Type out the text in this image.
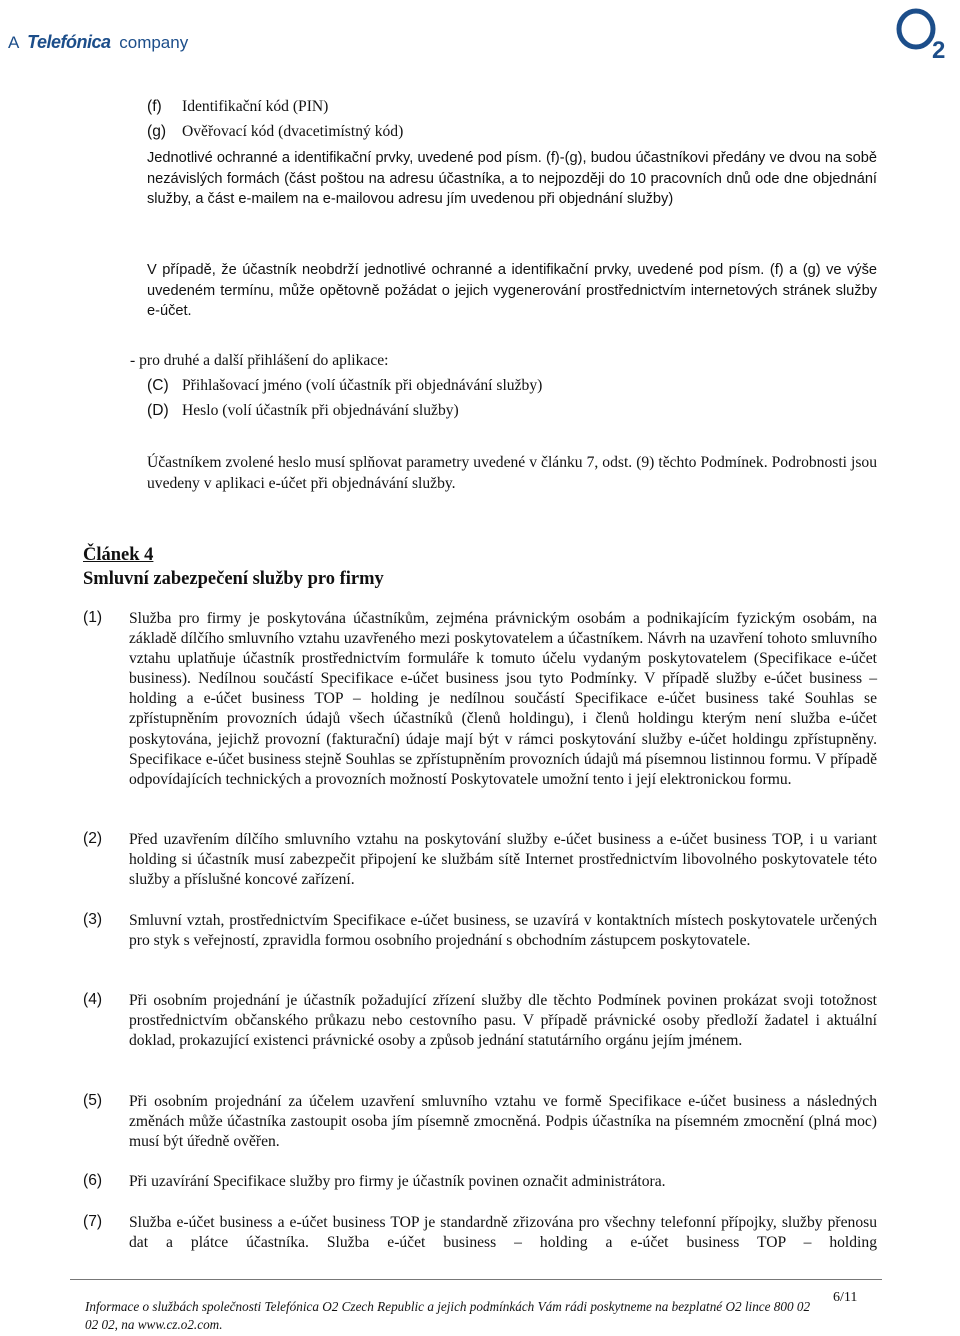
A Telefónica company	2
(f) Identifikační kód (PIN)
(g) Ověřovací kód (dvacetimístný kód)
Jednotlivé ochranné a identifikační prvky, uvedené pod písm. (f)-(g), budou účastníkovi předány ve dvou na sobě nezávislých formách (část poštou na adresu účastníka, a to nejpozději do 10 pracovních dnů ode dne objednání služby, a část e-mailem na e-mailovou adresu jím uvedenou při objednání služby)
V případě, že účastník neobdrží jednotlivé ochranné a identifikační prvky, uvedené pod písm. (f) a (g) ve výše uvedeném termínu, může opětovně požádat o jejich vygenerování prostřednictvím internetových stránek služby e-účet.
- pro druhé a další přihlášení do aplikace:
(C) Přihlašovací jméno (volí účastník při objednávání služby)
(D) Heslo (volí účastník při objednávání služby)
Účastníkem zvolené heslo musí splňovat parametry uvedené v článku 7, odst. (9) těchto Podmínek. Podrobnosti jsou uvedeny v aplikaci e-účet při objednávání služby.
Článek 4
Smluvní zabezpečení služby pro firmy
(1) Služba pro firmy je poskytována účastníkům, zejména právnickým osobám a podnikajícím fyzickým osobám, na základě dílčího smluvního vztahu uzavřeného mezi poskytovatelem a účastníkem. Návrh na uzavření tohoto smluvního vztahu uplatňuje účastník prostřednictvím formuláře k tomuto účelu vydaným poskytovatelem (Specifikace e-účet business). Nedílnou součástí Specifikace e-účet business jsou tyto Podmínky. V případě služby e-účet business – holding a e-účet business TOP – holding je nedílnou součástí Specifikace e-účet business také Souhlas se zpřístupněním provozních údajů všech účastníků (členů holdingu), i členů holdingu kterým není služba e-účet poskytována, jejichž provozní (fakturační) údaje mají být v rámci poskytování služby e-účet holdingu zpřístupněny. Specifikace e-účet business stejně Souhlas se zpřístupněním provozních údajů má písemnou listinnou formu. V případě odpovídajících technických a provozních možností Poskytovatele umožní tento i její elektronickou formu.
(2) Před uzavřením dílčího smluvního vztahu na poskytování služby e-účet business a e-účet business TOP, i u variant holding si účastník musí zabezpečit připojení ke službám sítě Internet prostřednictvím libovolného poskytovatele této služby a příslušné koncové zařízení.
(3) Smluvní vztah, prostřednictvím Specifikace e-účet business, se uzavírá v kontaktních místech poskytovatele určených pro styk s veřejností, zpravidla formou osobního projednání s obchodním zástupcem poskytovatele.
(4) Při osobním projednání je účastník požadující zřízení služby dle těchto Podmínek povinen prokázat svoji totožnost prostřednictvím občanského průkazu nebo cestovního pasu. V případě právnické osoby předloží žadatel i aktuální doklad, prokazující existenci právnické osoby a způsob jednání statutárního orgánu jejím jménem.
(5) Při osobním projednání za účelem uzavření smluvního vztahu ve formě Specifikace e-účet business a následných změnách může účastníka zastoupit osoba jím písemně zmocněná. Podpis účastníka na písemném zmocnění (plná moc) musí být úředně ověřen.
(6) Při uzavírání Specifikace služby pro firmy je účastník povinen označit administrátora.
(7) Služba e-účet business a e-účet business TOP je standardně zřizována pro všechny telefonní přípojky, služby přenosu dat a plátce účastníka. Služba e-účet business – holding a e-účet business TOP – holding
Informace o službách společnosti Telefónica O2 Czech Republic a jejich podmínkách Vám rádi poskytneme na bezplatné O2 lince 800 02 02 02, na www.cz.o2.com.
6/11
